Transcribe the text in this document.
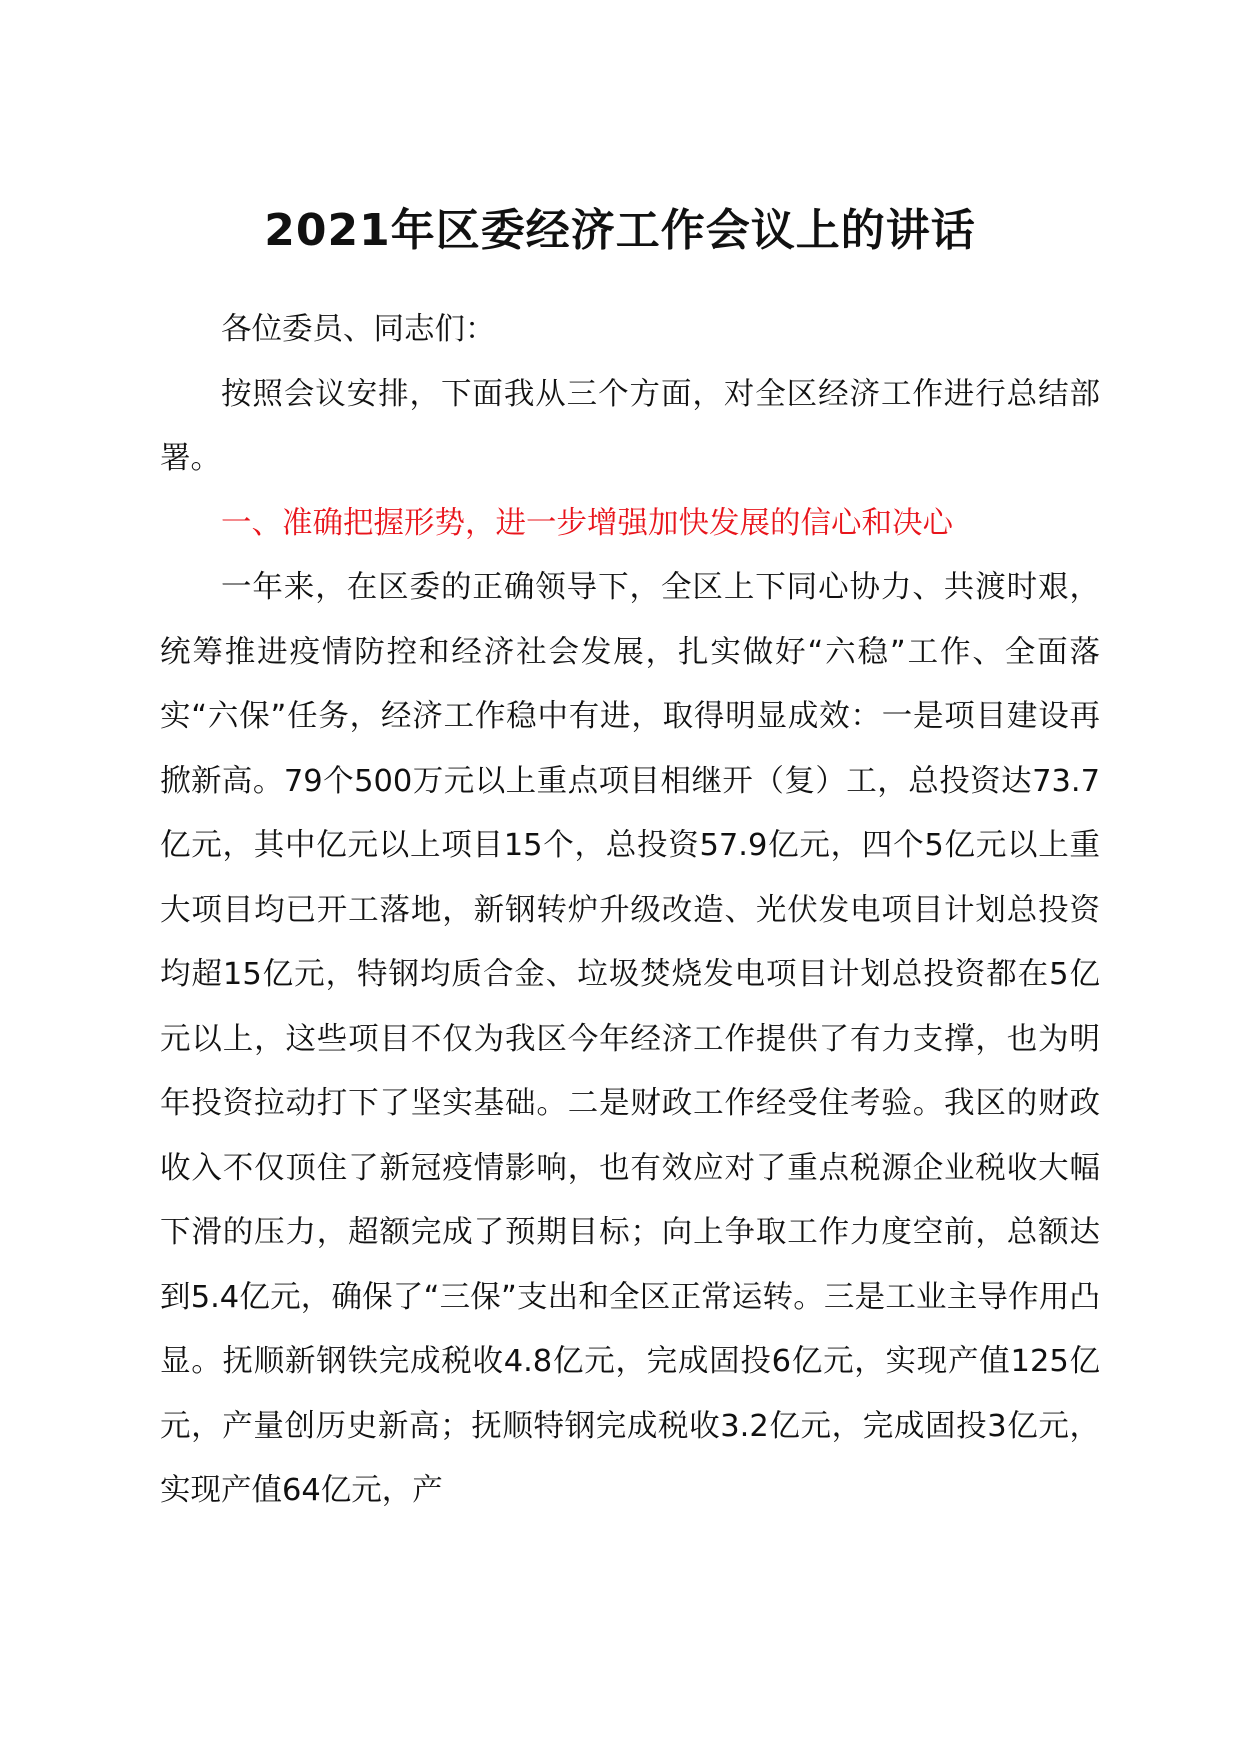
2021年区委经济工作会议上的讲话

各位委员、同志们：

按照会议安排，下面我从三个方面，对全区经济工作进行总结部署。

一、准确把握形势，进一步增强加快发展的信心和决心

一年来，在区委的正确领导下，全区上下同心协力、共渡时艰，统筹推进疫情防控和经济社会发展，扎实做好“六稳”工作、全面落实“六保”任务，经济工作稳中有进，取得明显成效：一是项目建设再掀新高。79个500万元以上重点项目相继开（复）工，总投资达73.7亿元，其中亿元以上项目15个，总投资57.9亿元，四个5亿元以上重大项目均已开工落地，新钢转炉升级改造、光伏发电项目计划总投资均超15亿元，特钢均质合金、垃圾焚烧发电项目计划总投资都在5亿元以上，这些项目不仅为我区今年经济工作提供了有力支撑，也为明年投资拉动打下了坚实基础。二是财政工作经受住考验。我区的财政收入不仅顶住了新冠疫情影响，也有效应对了重点税源企业税收大幅下滑的压力，超额完成了预期目标；向上争取工作力度空前，总额达到5.4亿元，确保了“三保”支出和全区正常运转。三是工业主导作用凸显。抚顺新钢铁完成税收4.8亿元，完成固投6亿元，实现产值125亿元，产量创历史新高；抚顺特钢完成税收3.2亿元，完成固投3亿元，实现产值64亿元，产
